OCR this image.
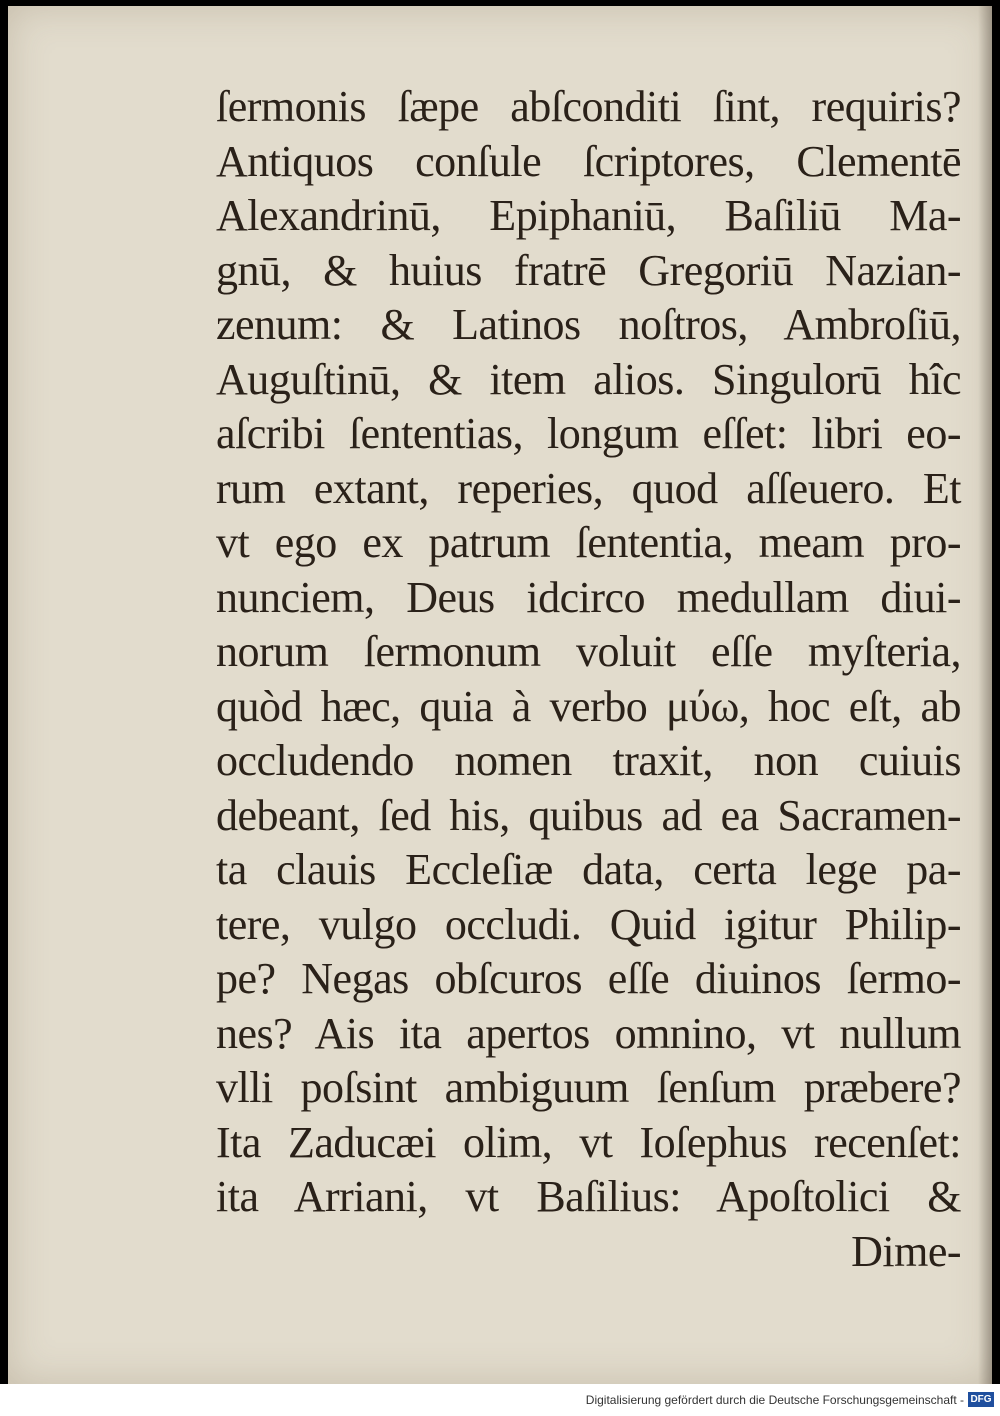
ſermonis ſæpe abſconditi ſint, requiris?
Antiquos conſule ſcriptores, Clementē
Alexandrinū, Epiphaniū, Baſiliū Ma-
gnū, & huius fratrē Gregoriū Nazian-
zenum: & Latinos noſtros, Ambroſiū,
Auguſtinū, & item alios. Singulorū hîc
aſcribi ſententias, longum eſſet: libri eo-
rum extant, reperies, quod aſſeuero. Et
vt ego ex patrum ſententia, meam pro-
nunciem, Deus idcirco medullam diui-
norum ſermonum voluit eſſe myſteria,
quòd hæc, quia à verbo μύω, hoc eſt, ab
occludendo nomen traxit, non cuiuis
debeant, ſed his, quibus ad ea Sacramen-
ta clauis Eccleſiæ data, certa lege pa-
tere, vulgo occludi. Quid igitur Philip-
pe? Negas obſcuros eſſe diuinos ſermo-
nes? Ais ita apertos omnino, vt nullum
vlli poſsint ambiguum ſenſum præbere?
Ita Zaducæi olim, vt Ioſephus recenſet:
ita Arriani, vt Baſilius: Apoſtolici &
Dime-
Digitalisierung gefördert durch die Deutsche Forschungsgemeinschaft - DFG
